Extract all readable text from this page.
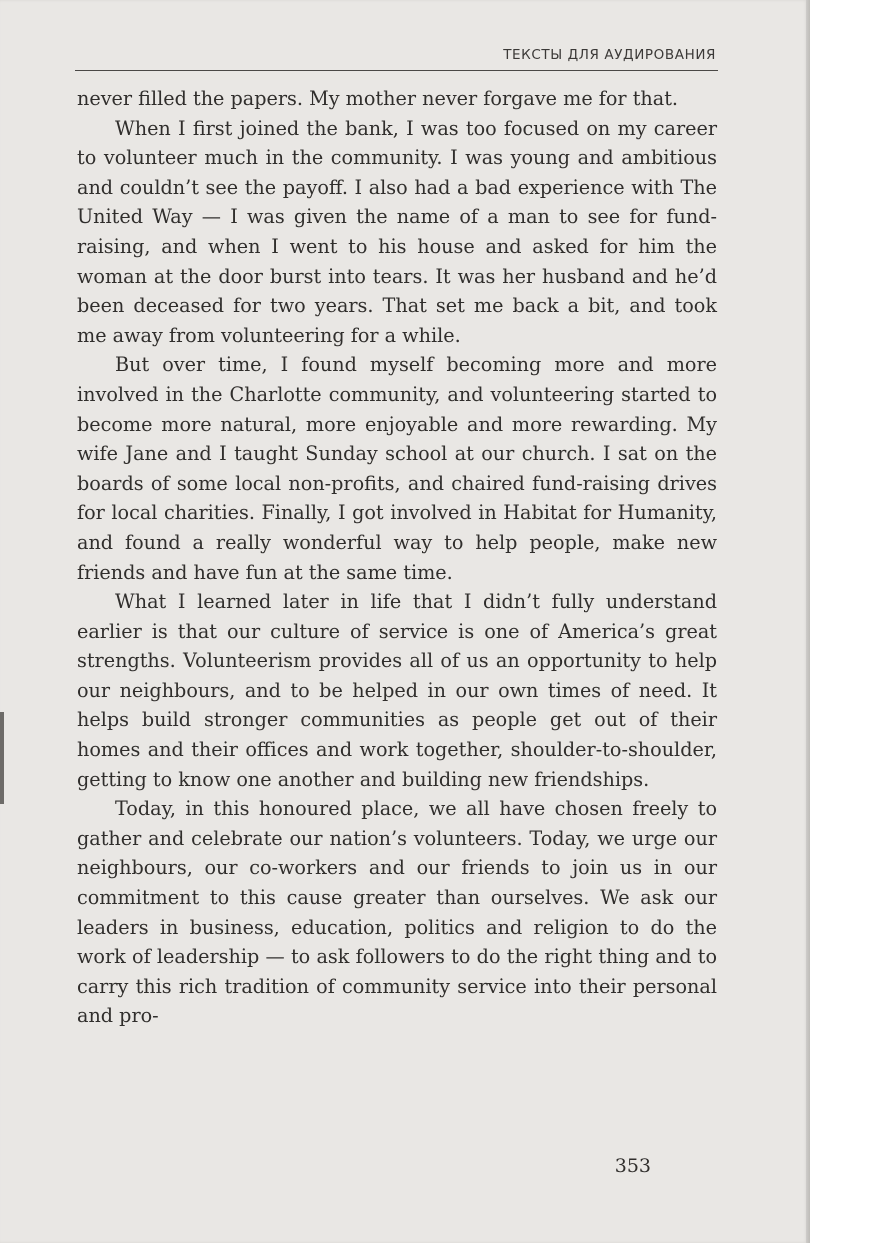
ТЕКСТЫ ДЛЯ АУДИРОВАНИЯ

never filled the papers. My mother never forgave me for that.

When I first joined the bank, I was too focused on my career to volunteer much in the community. I was young and ambitious and couldn’t see the payoff. I also had a bad experience with The United Way — I was given the name of a man to see for fund-raising, and when I went to his house and asked for him the woman at the door burst into tears. It was her husband and he’d been deceased for two years. That set me back a bit, and took me away from volunteering for a while.

But over time, I found myself becoming more and more involved in the Charlotte community, and volunteering started to become more natural, more enjoyable and more rewarding. My wife Jane and I taught Sunday school at our church. I sat on the boards of some local non-profits, and chaired fund-raising drives for local charities. Finally, I got involved in Habitat for Humanity, and found a really wonderful way to help people, make new friends and have fun at the same time.

What I learned later in life that I didn’t fully understand earlier is that our culture of service is one of America’s great strengths. Volunteerism provides all of us an opportunity to help our neighbours, and to be helped in our own times of need. It helps build stronger communities as people get out of their homes and their offices and work together, shoulder-to-shoulder, getting to know one another and building new friendships.

Today, in this honoured place, we all have chosen freely to gather and celebrate our nation’s volunteers. Today, we urge our neighbours, our co-workers and our friends to join us in our commitment to this cause greater than ourselves. We ask our leaders in business, education, politics and religion to do the work of leadership — to ask followers to do the right thing and to carry this rich tradition of community service into their personal and pro-

353
